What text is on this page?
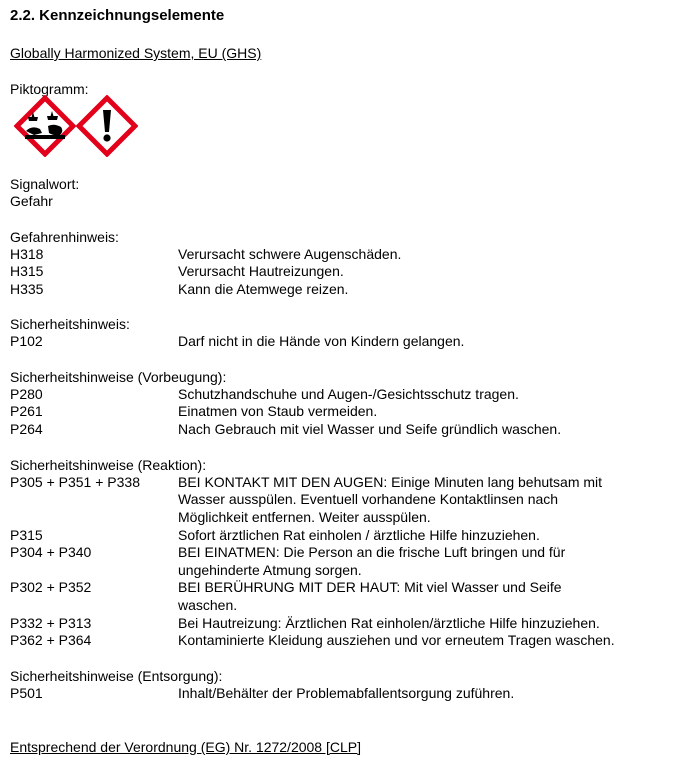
2.2. Kennzeichnungselemente
Globally Harmonized System, EU (GHS)
Piktogramm:
Signalwort:
Gefahr
Gefahrenhinweis:
H318	Verursacht schwere Augenschäden.
H315	Verursacht Hautreizungen.
H335	Kann die Atemwege reizen.
Sicherheitshinweis:
P102	Darf nicht in die Hände von Kindern gelangen.
Sicherheitshinweise (Vorbeugung):
P280	Schutzhandschuhe und Augen-/Gesichtsschutz tragen.
P261	Einatmen von Staub vermeiden.
P264	Nach Gebrauch mit viel Wasser und Seife gründlich waschen.
Sicherheitshinweise (Reaktion):
P305 + P351 + P338	BEI KONTAKT MIT DEN AUGEN: Einige Minuten lang behutsam mit
Wasser ausspülen. Eventuell vorhandene Kontaktlinsen nach
Möglichkeit entfernen. Weiter ausspülen.
P315	Sofort ärztlichen Rat einholen / ärztliche Hilfe hinzuziehen.
P304 + P340	BEI EINATMEN: Die Person an die frische Luft bringen und für
ungehinderte Atmung sorgen.
P302 + P352	BEI BERÜHRUNG MIT DER HAUT: Mit viel Wasser und Seife
waschen.
P332 + P313	Bei Hautreizung: Ärztlichen Rat einholen/ärztliche Hilfe hinzuziehen.
P362 + P364	Kontaminierte Kleidung ausziehen und vor erneutem Tragen waschen.
Sicherheitshinweise (Entsorgung):
P501	Inhalt/Behälter der Problemabfallentsorgung zuführen.
Entsprechend der Verordnung (EG) Nr. 1272/2008 [CLP]
